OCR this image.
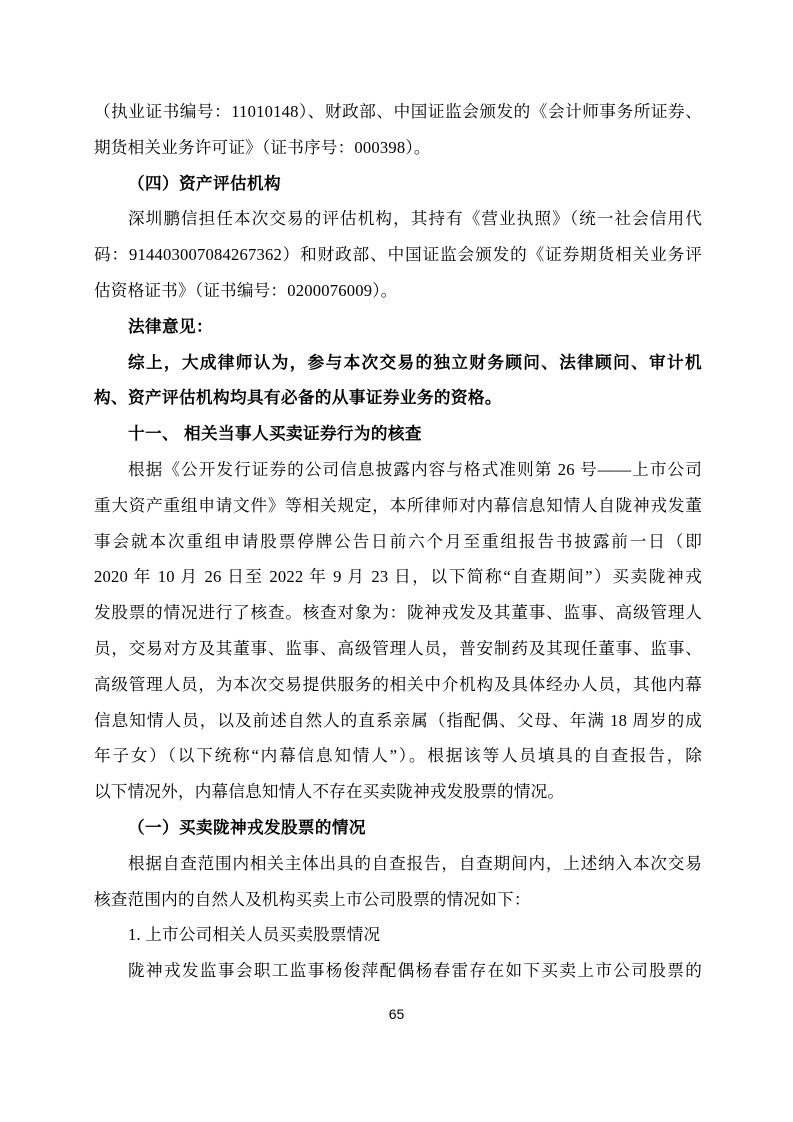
（执业证书编号：11010148）、财政部、中国证监会颁发的《会计师事务所证券、
期货相关业务许可证》（证书序号：000398）。
（四）资产评估机构
深圳鹏信担任本次交易的评估机构，其持有《营业执照》（统一社会信用代
码：914403007084267362）和财政部、中国证监会颁发的《证券期货相关业务评
估资格证书》（证书编号：0200076009）。
法律意见：
综上，大成律师认为，参与本次交易的独立财务顾问、法律顾问、审计机
构、资产评估机构均具有必备的从事证券业务的资格。
十一、 相关当事人买卖证券行为的核查
根据《公开发行证券的公司信息披露内容与格式准则第 26 号——上市公司
重大资产重组申请文件》等相关规定，本所律师对内幕信息知情人自陇神戎发董
事会就本次重组申请股票停牌公告日前六个月至重组报告书披露前一日（即
2020 年 10 月 26 日至 2022 年 9 月 23 日，以下简称“自查期间”）买卖陇神戎
发股票的情况进行了核查。核查对象为：陇神戎发及其董事、监事、高级管理人
员，交易对方及其董事、监事、高级管理人员，普安制药及其现任董事、监事、
高级管理人员，为本次交易提供服务的相关中介机构及具体经办人员，其他内幕
信息知情人员，以及前述自然人的直系亲属（指配偶、父母、年满 18 周岁的成
年子女）（以下统称“内幕信息知情人”）。根据该等人员填具的自查报告，除
以下情况外，内幕信息知情人不存在买卖陇神戎发股票的情况。
（一）买卖陇神戎发股票的情况
根据自查范围内相关主体出具的自查报告，自查期间内，上述纳入本次交易
核查范围内的自然人及机构买卖上市公司股票的情况如下：
1. 上市公司相关人员买卖股票情况
陇神戎发监事会职工监事杨俊萍配偶杨春雷存在如下买卖上市公司股票的
65
